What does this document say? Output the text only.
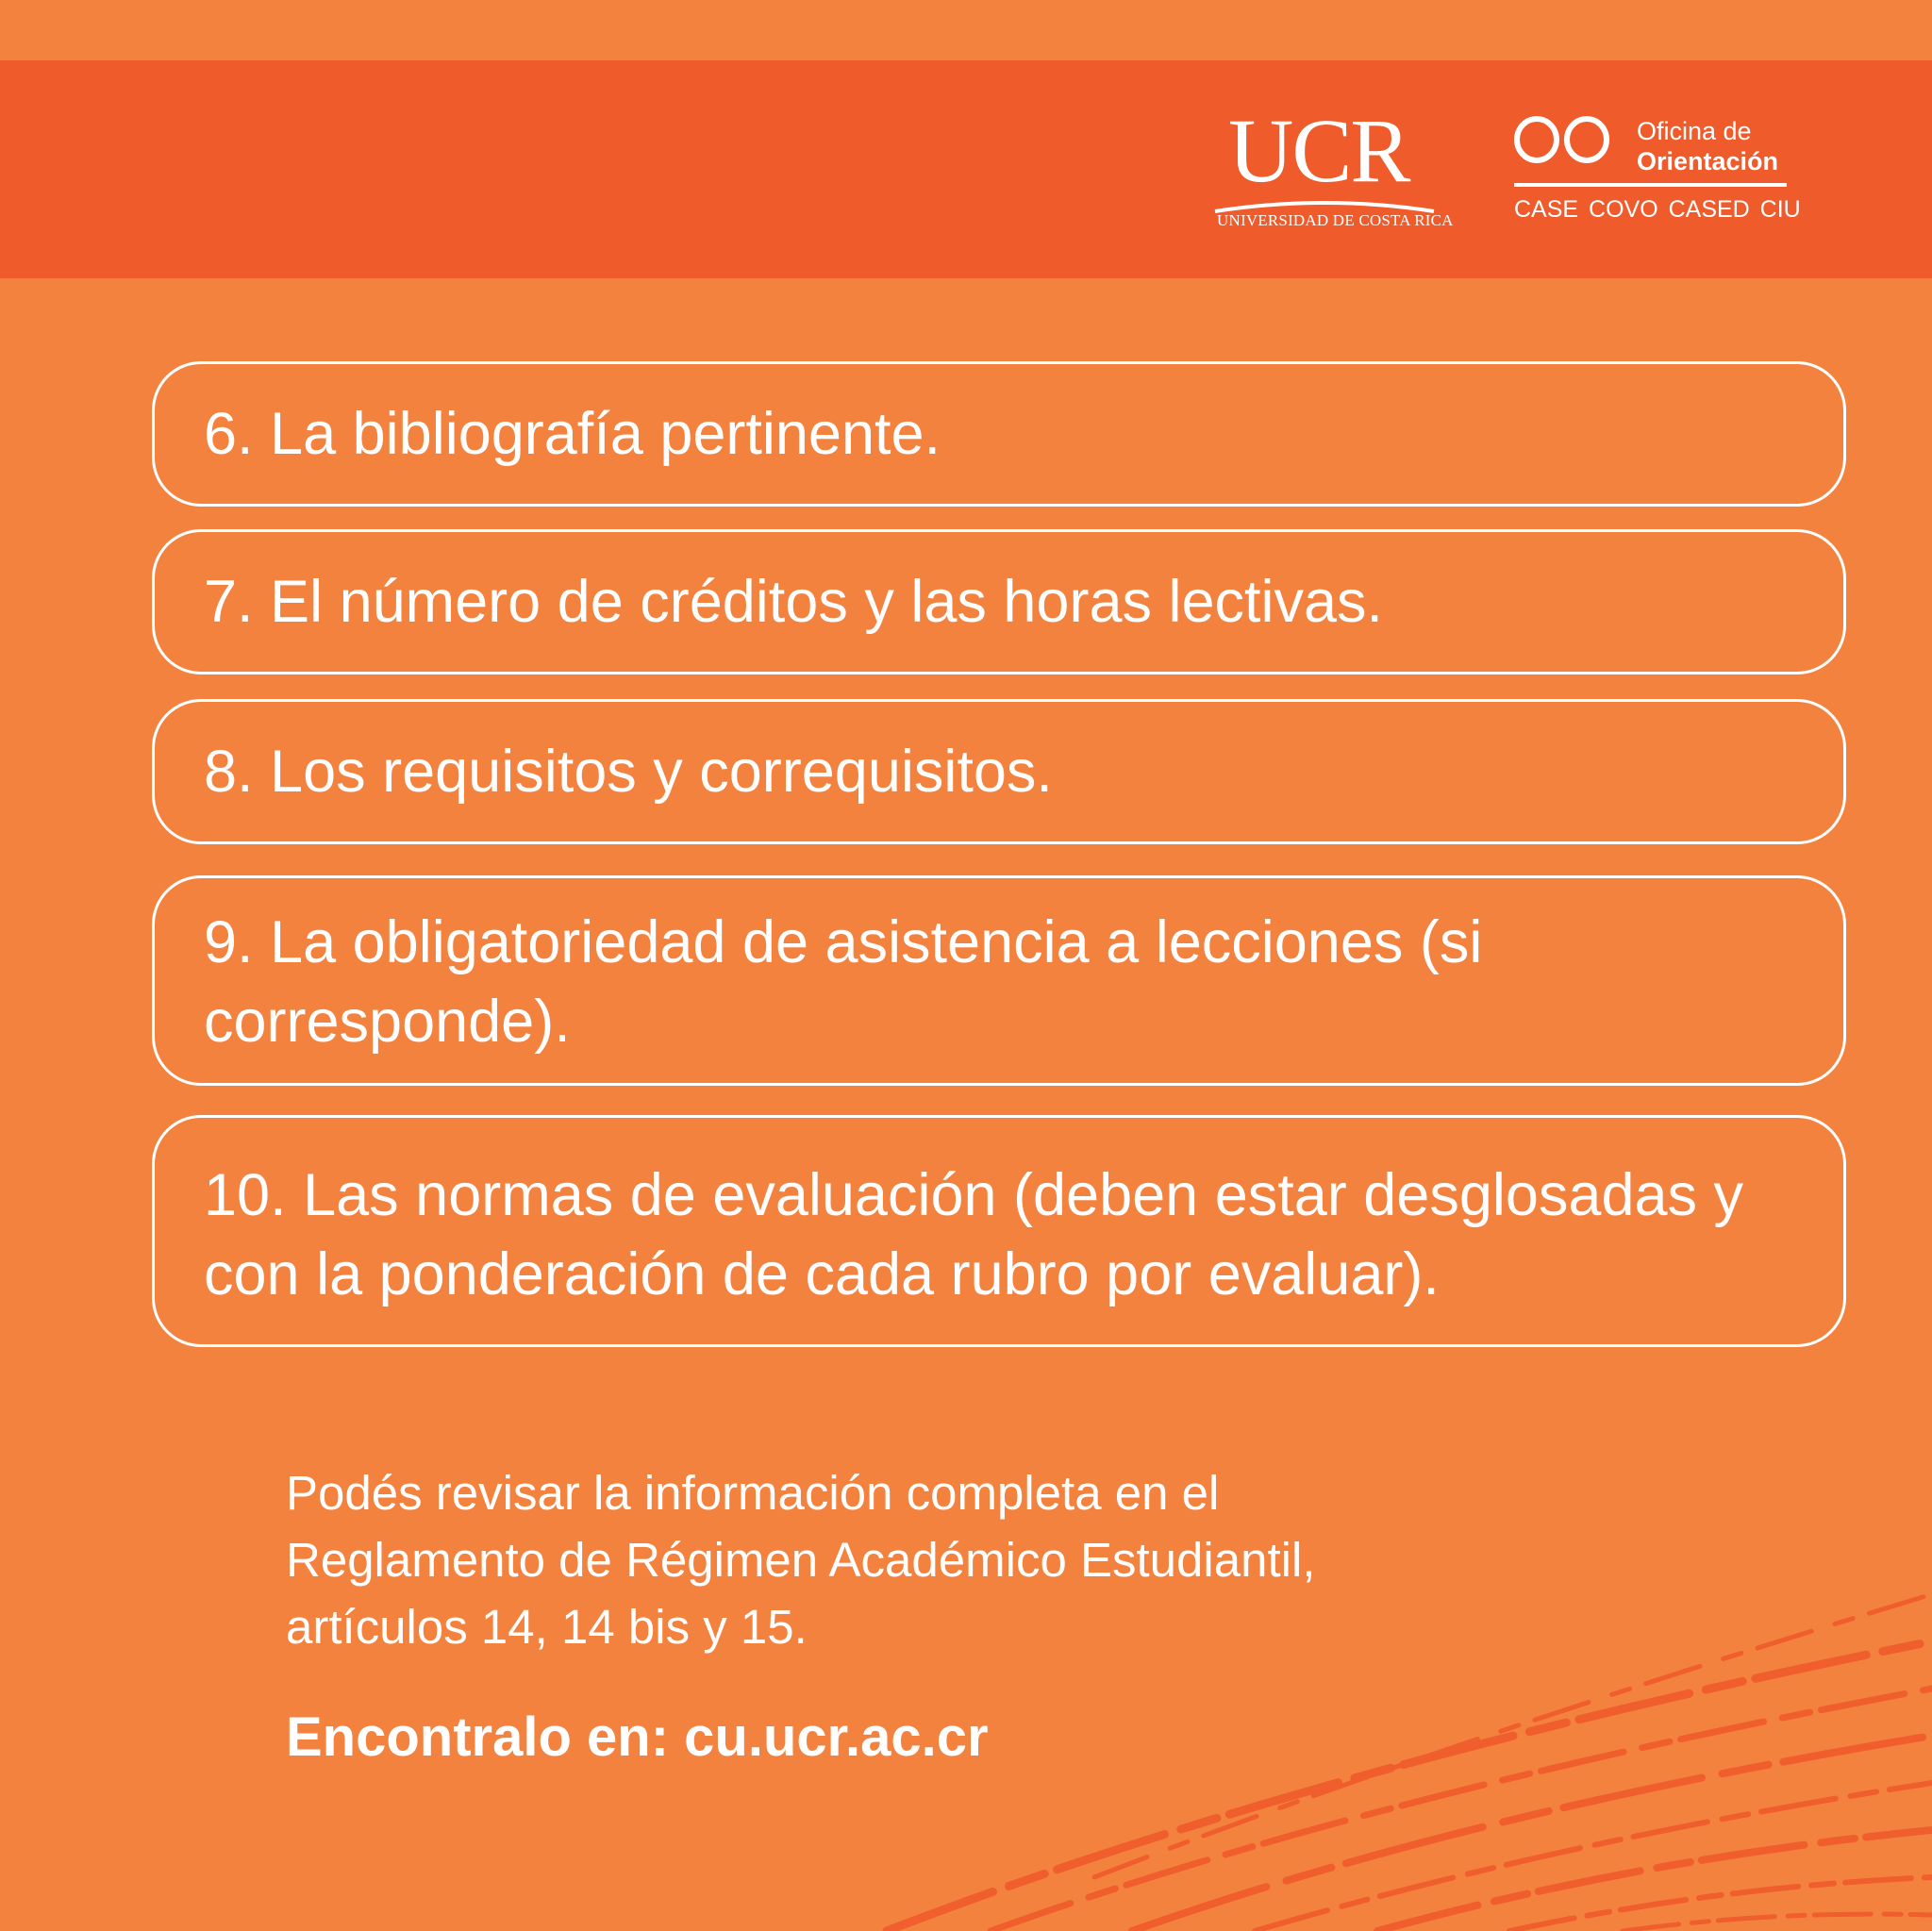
UCR
UNIVERSIDAD DE COSTA RICA
Oficina de
Orientación
CASE COVO CASED CIU
6. La bibliografía pertinente.
7. El número de créditos y las horas lectivas.
8. Los requisitos y correquisitos.
9. La obligatoriedad de asistencia a lecciones (si
corresponde).
10. Las normas de evaluación (deben estar desglosadas y
con la ponderación de cada rubro por evaluar).
Podés revisar la información completa en el
Reglamento de Régimen Académico Estudiantil,
artículos 14, 14 bis y 15.
Encontralo en: cu.ucr.ac.cr
